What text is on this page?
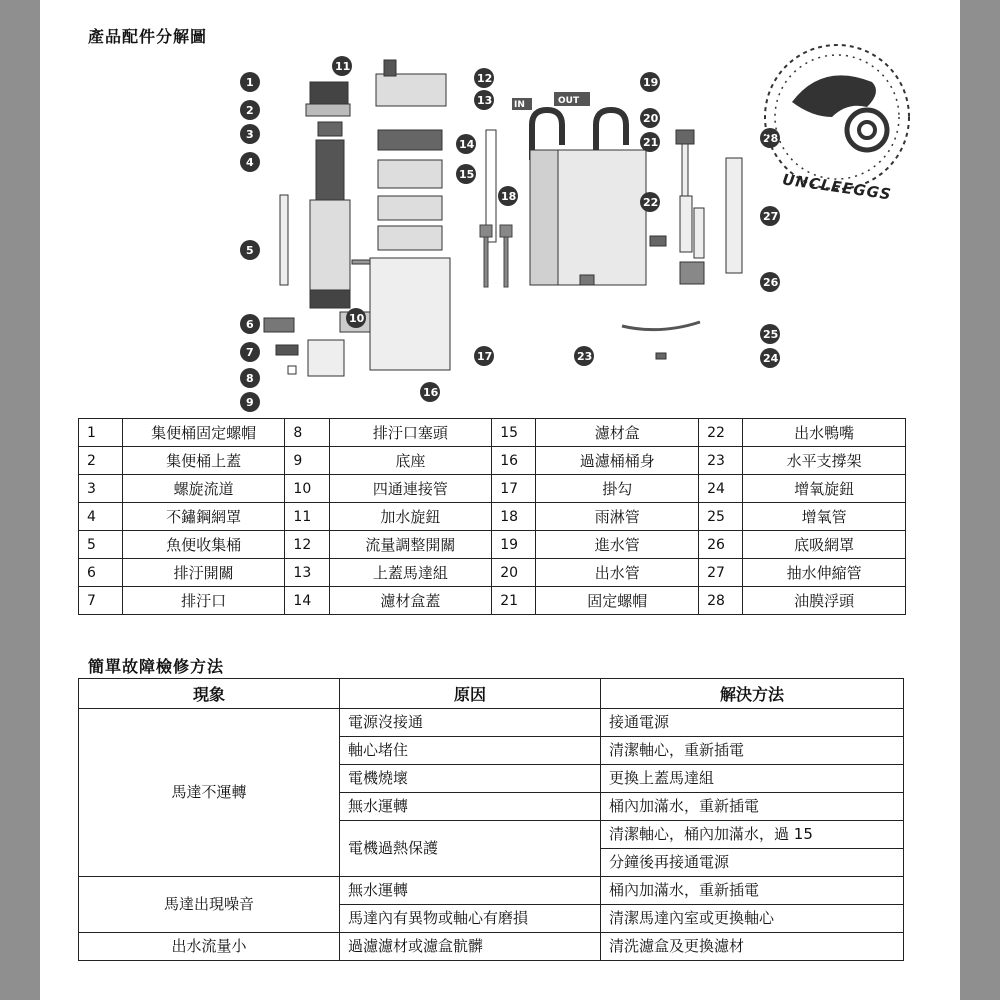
產品配件分解圖
IN	OUT
1
2
3
4
5
6
7
8
9
10
11
12
13
14
15
16
17
18
19
20
21
22
23	24
25
26
27
28
1	集便桶固定螺帽	8	排汙口塞頭	15	濾材盒	22	出水鴨嘴
2	集便桶上蓋	9	底座	16	過濾桶桶身	23	水平支撐架
3	螺旋流道	10	四通連接管	17	掛勾	24	增氧旋鈕
4	不鏽鋼網罩	11	加水旋鈕	18	雨淋管	25	增氧管
5	魚便收集桶	12	流量調整開關	19	進水管	26	底吸網罩
6	排汙開關	13	上蓋馬達組	20	出水管	27	抽水伸縮管
7	排汙口	14	濾材盒蓋	21	固定螺帽	28	油膜浮頭
簡單故障檢修方法
現象	原因	解決方法
馬達不運轉	電源沒接通	接通電源
	軸心堵住	清潔軸心，重新插電
	電機燒壞	更換上蓋馬達組
	無水運轉	桶內加滿水，重新插電
	電機過熱保護	清潔軸心，桶內加滿水，過 15
		分鐘後再接通電源
馬達出現噪音	無水運轉	桶內加滿水，重新插電
	馬達內有異物或軸心有磨損	清潔馬達內室或更換軸心
出水流量小	過濾濾材或濾盒骯髒	清洗濾盒及更換濾材
UNCLEEGGS
